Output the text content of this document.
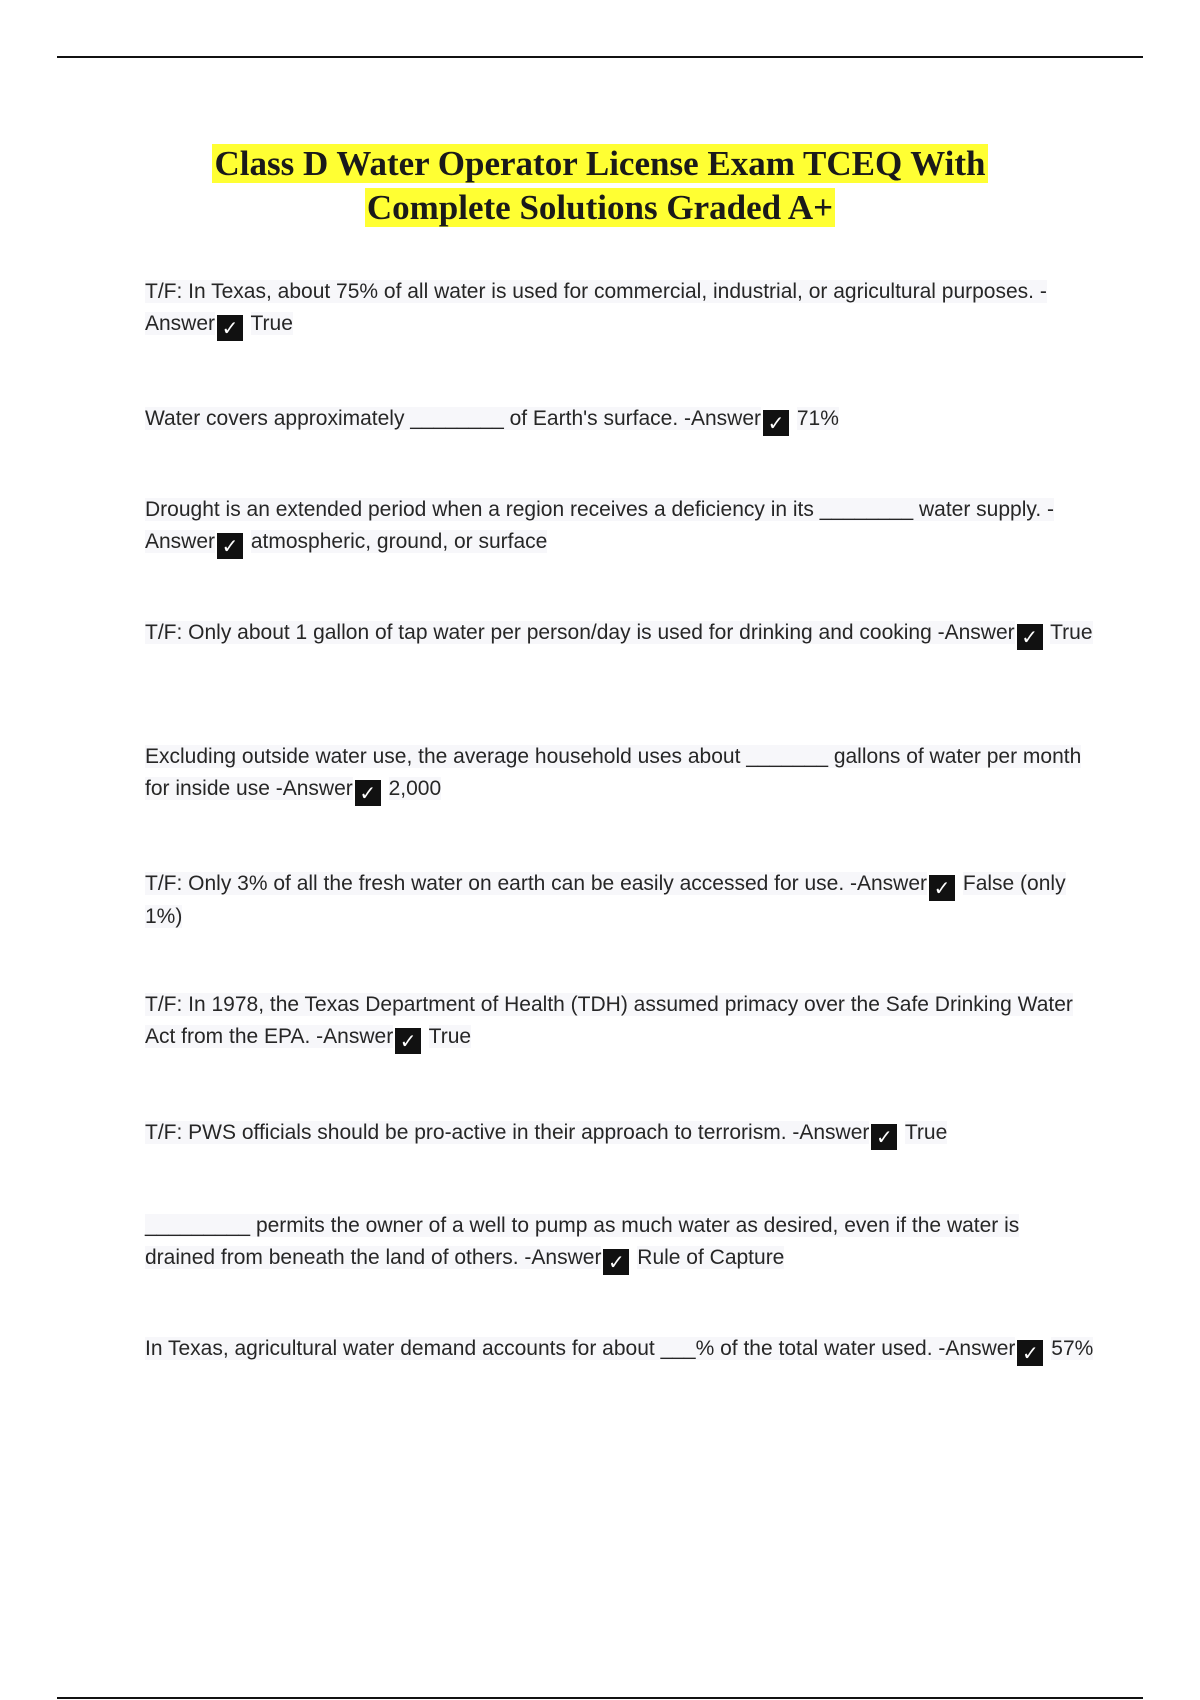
Class D Water Operator License Exam TCEQ With
Complete Solutions Graded A+
T/F: In Texas, about 75% of all water is used for commercial, industrial, or agricultural purposes. -Answer ✓ True
Water covers approximately ________ of Earth's surface. -Answer ✓ 71%
Drought is an extended period when a region receives a deficiency in its ________ water supply. -Answer ✓ atmospheric, ground, or surface
T/F: Only about 1 gallon of tap water per person/day is used for drinking and cooking -Answer ✓ True
Excluding outside water use, the average household uses about _______ gallons of water per month for inside use -Answer ✓ 2,000
T/F: Only 3% of all the fresh water on earth can be easily accessed for use. -Answer ✓ False (only 1%)
T/F: In 1978, the Texas Department of Health (TDH) assumed primacy over the Safe Drinking Water Act from the EPA. -Answer ✓ True
T/F: PWS officials should be pro-active in their approach to terrorism. -Answer ✓ True
_________ permits the owner of a well to pump as much water as desired, even if the water is drained from beneath the land of others. -Answer ✓ Rule of Capture
In Texas, agricultural water demand accounts for about ___% of the total water used. -Answer ✓ 57%
